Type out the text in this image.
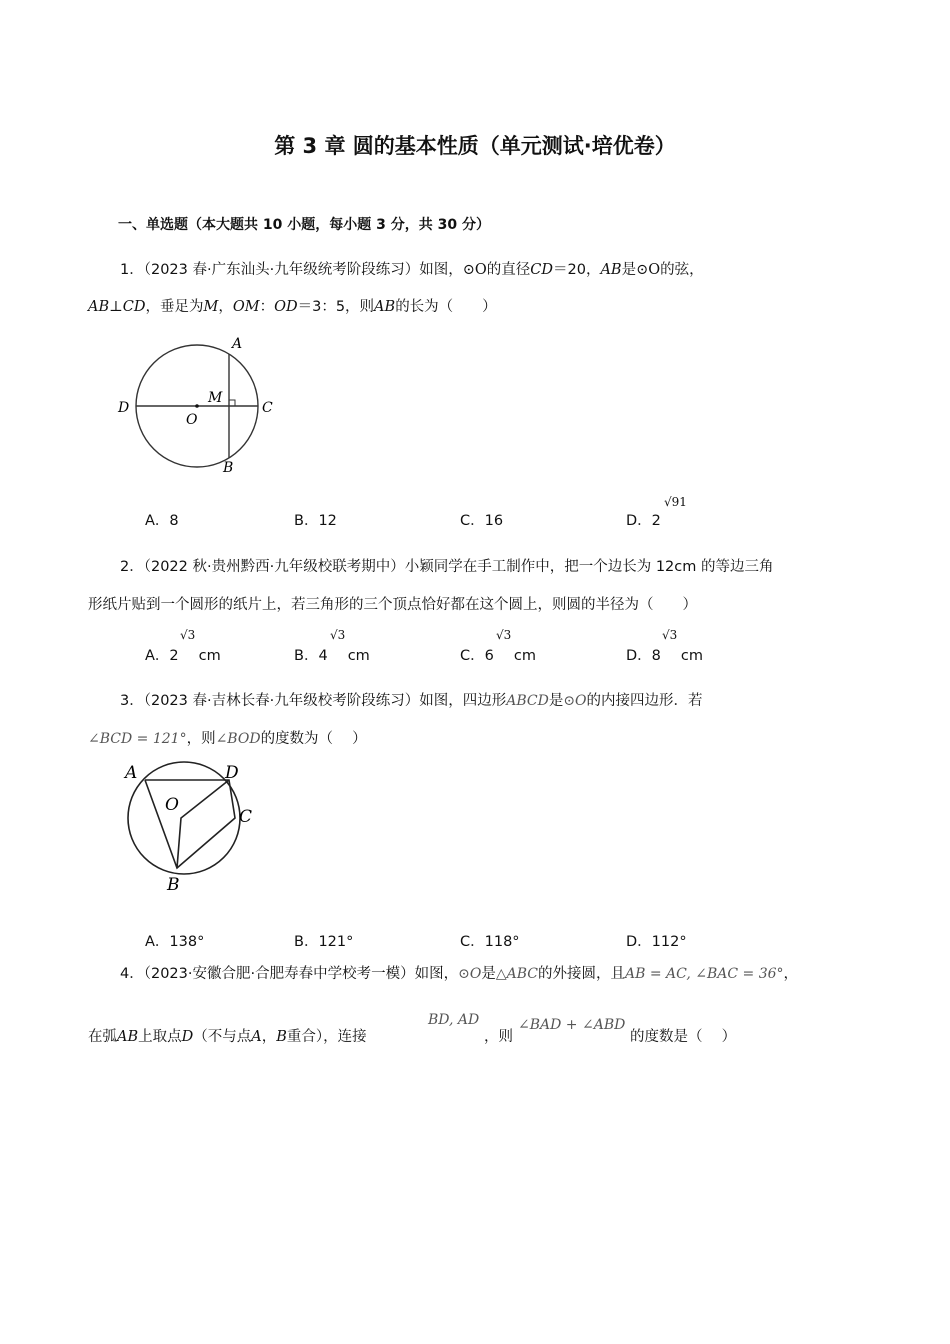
第 3 章 圆的基本性质（单元测试·培优卷）
一、单选题（本大题共 10 小题，每小题 3 分，共 30 分）
1．（2023 春·广东汕头·九年级统考阶段练习）如图，⊙O的直径CD＝20，AB是⊙O的弦，
AB⊥CD，垂足为M，OM：OD＝3：5，则AB的长为（　　）
A
B
C
D
M
O
A．8	B．12	C．16	D．2
√91
2．（2022 秋·贵州黔西·九年级校联考期中）小颖同学在手工制作中，把一个边长为 12cm 的等边三角
形纸片贴到一个圆形的纸片上，若三角形的三个顶点恰好都在这个圆上，则圆的半径为（　　）
A．2 cm
√3
B．4 cm
√3
C．6 cm
√3
D．8 cm
√3
3．（2023 春·吉林长春·九年级校考阶段练习）如图，四边形ABCD是⊙O的内接四边形．若
∠BCD = 121°，则∠BOD的度数为（　 ）
A	D
C
B
O
A．138°	B．121°	C．118°	D．112°
4．（2023·安徽合肥·合肥寿春中学校考一模）如图，⊙O是△ABC的外接圆，且AB = AC, ∠BAC = 36°，
在弧AB上取点D（不与点A，B重合），连接
BD, AD
，则
∠BAD + ∠ABD
的度数是（　 ）
